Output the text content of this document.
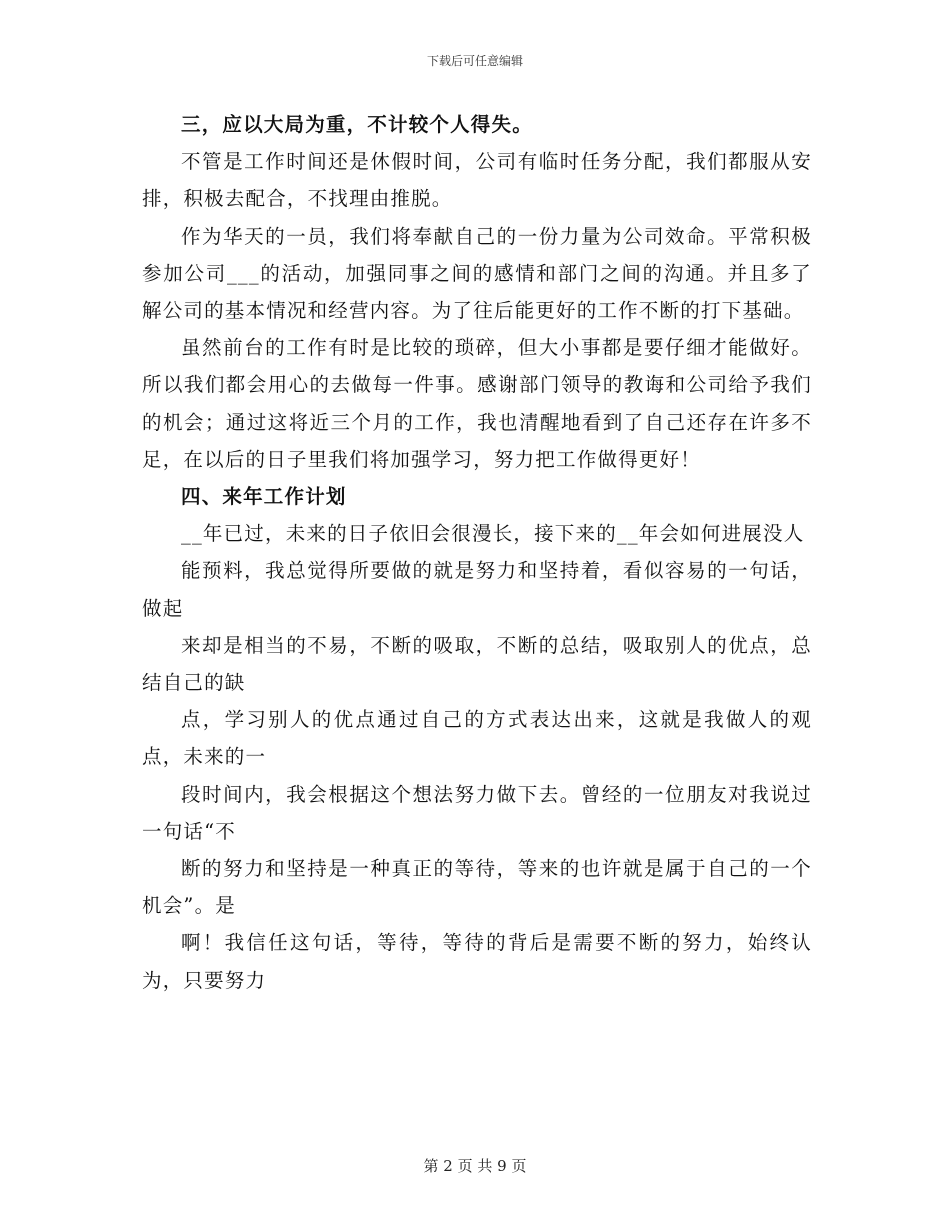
下载后可任意编辑

三，应以大局为重，不计较个人得失。

不管是工作时间还是休假时间，公司有临时任务分配，我们都服从安排，积极去配合，不找理由推脱。

作为华天的一员，我们将奉献自己的一份力量为公司效命。平常积极参加公司___的活动，加强同事之间的感情和部门之间的沟通。并且多了解公司的基本情况和经营内容。为了往后能更好的工作不断的打下基础。

虽然前台的工作有时是比较的琐碎，但大小事都是要仔细才能做好。所以我们都会用心的去做每一件事。感谢部门领导的教诲和公司给予我们的机会；通过这将近三个月的工作，我也清醒地看到了自己还存在许多不足，在以后的日子里我们将加强学习，努力把工作做得更好！

四、来年工作计划

__年已过，未来的日子依旧会很漫长，接下来的__年会如何进展没人

能预料，我总觉得所要做的就是努力和坚持着，看似容易的一句话，做起

来却是相当的不易，不断的吸取，不断的总结，吸取别人的优点，总结自己的缺

点，学习别人的优点通过自己的方式表达出来，这就是我做人的观点，未来的一

段时间内，我会根据这个想法努力做下去。曾经的一位朋友对我说过一句话“不

断的努力和坚持是一种真正的等待，等来的也许就是属于自己的一个机会”。是

啊！我信任这句话，等待，等待的背后是需要不断的努力，始终认为，只要努力

第 2 页 共 9 页
